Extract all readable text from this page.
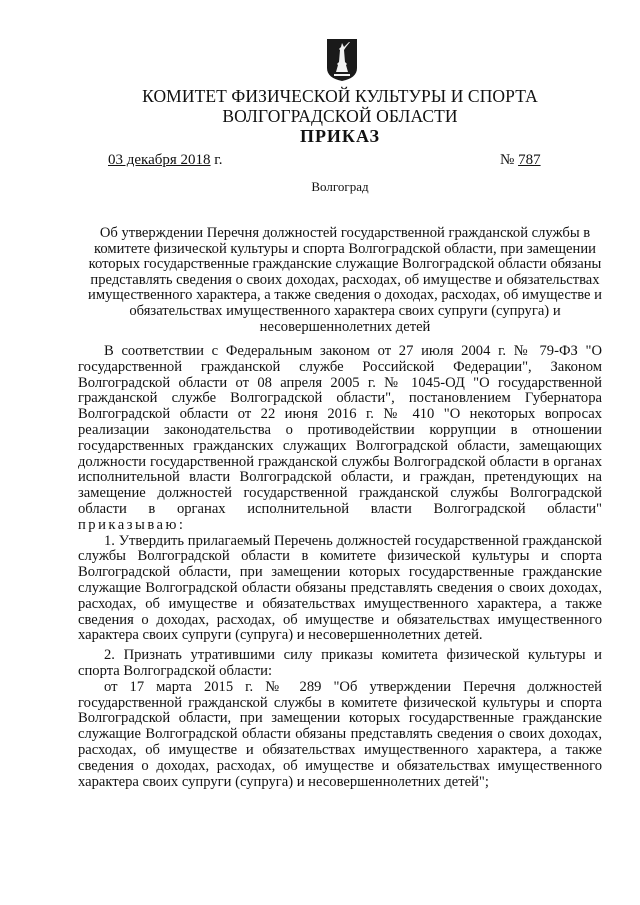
КОМИТЕТ ФИЗИЧЕСКОЙ КУЛЬТУРЫ И СПОРТА
ВОЛГОГРАДСКОЙ ОБЛАСТИ
ПРИКАЗ
03 декабря 2018 г.	№ 787
Волгоград
Об утверждении Перечня должностей государственной гражданской службы в комитете физической культуры и спорта Волгоградской области, при замещении которых государственные гражданские служащие Волгоградской области обязаны представлять сведения о своих доходах, расходах, об имуществе и обязательствах имущественного характера, а также сведения о доходах, расходах, об имуществе и обязательствах имущественного характера своих супруги (супруга) и несовершеннолетних детей

В соответствии с Федеральным законом от 27 июля 2004 г. № 79-ФЗ "О государственной гражданской службе Российской Федерации", Законом Волгоградской области от 08 апреля 2005 г. № 1045-ОД "О государственной гражданской службе Волгоградской области", постановлением Губернатора Волгоградской области от 22 июня 2016 г. № 410 "О некоторых вопросах реализации законодательства о противодействии коррупции в отношении государственных гражданских служащих Волгоградской области, замещающих должности государственной гражданской службы Волгоградской области в органах исполнительной власти Волгоградской области, и граждан, претендующих на замещение должностей государственной гражданской службы Волгоградской области в органах исполнительной власти Волгоградской области" приказываю:

1. Утвердить прилагаемый Перечень должностей государственной гражданской службы Волгоградской области в комитете физической культуры и спорта Волгоградской области, при замещении которых государственные гражданские служащие Волгоградской области обязаны представлять сведения о своих доходах, расходах, об имуществе и обязательствах имущественного характера, а также сведения о доходах, расходах, об имуществе и обязательствах имущественного характера своих супруги (супруга) и несовершеннолетних детей.

2. Признать утратившими силу приказы комитета физической культуры и спорта Волгоградской области:

от 17 марта 2015 г. № 289 "Об утверждении Перечня должностей государственной гражданской службы в комитете физической культуры и спорта Волгоградской области, при замещении которых государственные гражданские служащие Волгоградской области обязаны представлять сведения о своих доходах, расходах, об имуществе и обязательствах имущественного характера, а также сведения о доходах, расходах, об имуществе и обязательствах имущественного характера своих супруги (супруга) и несовершеннолетних детей";
